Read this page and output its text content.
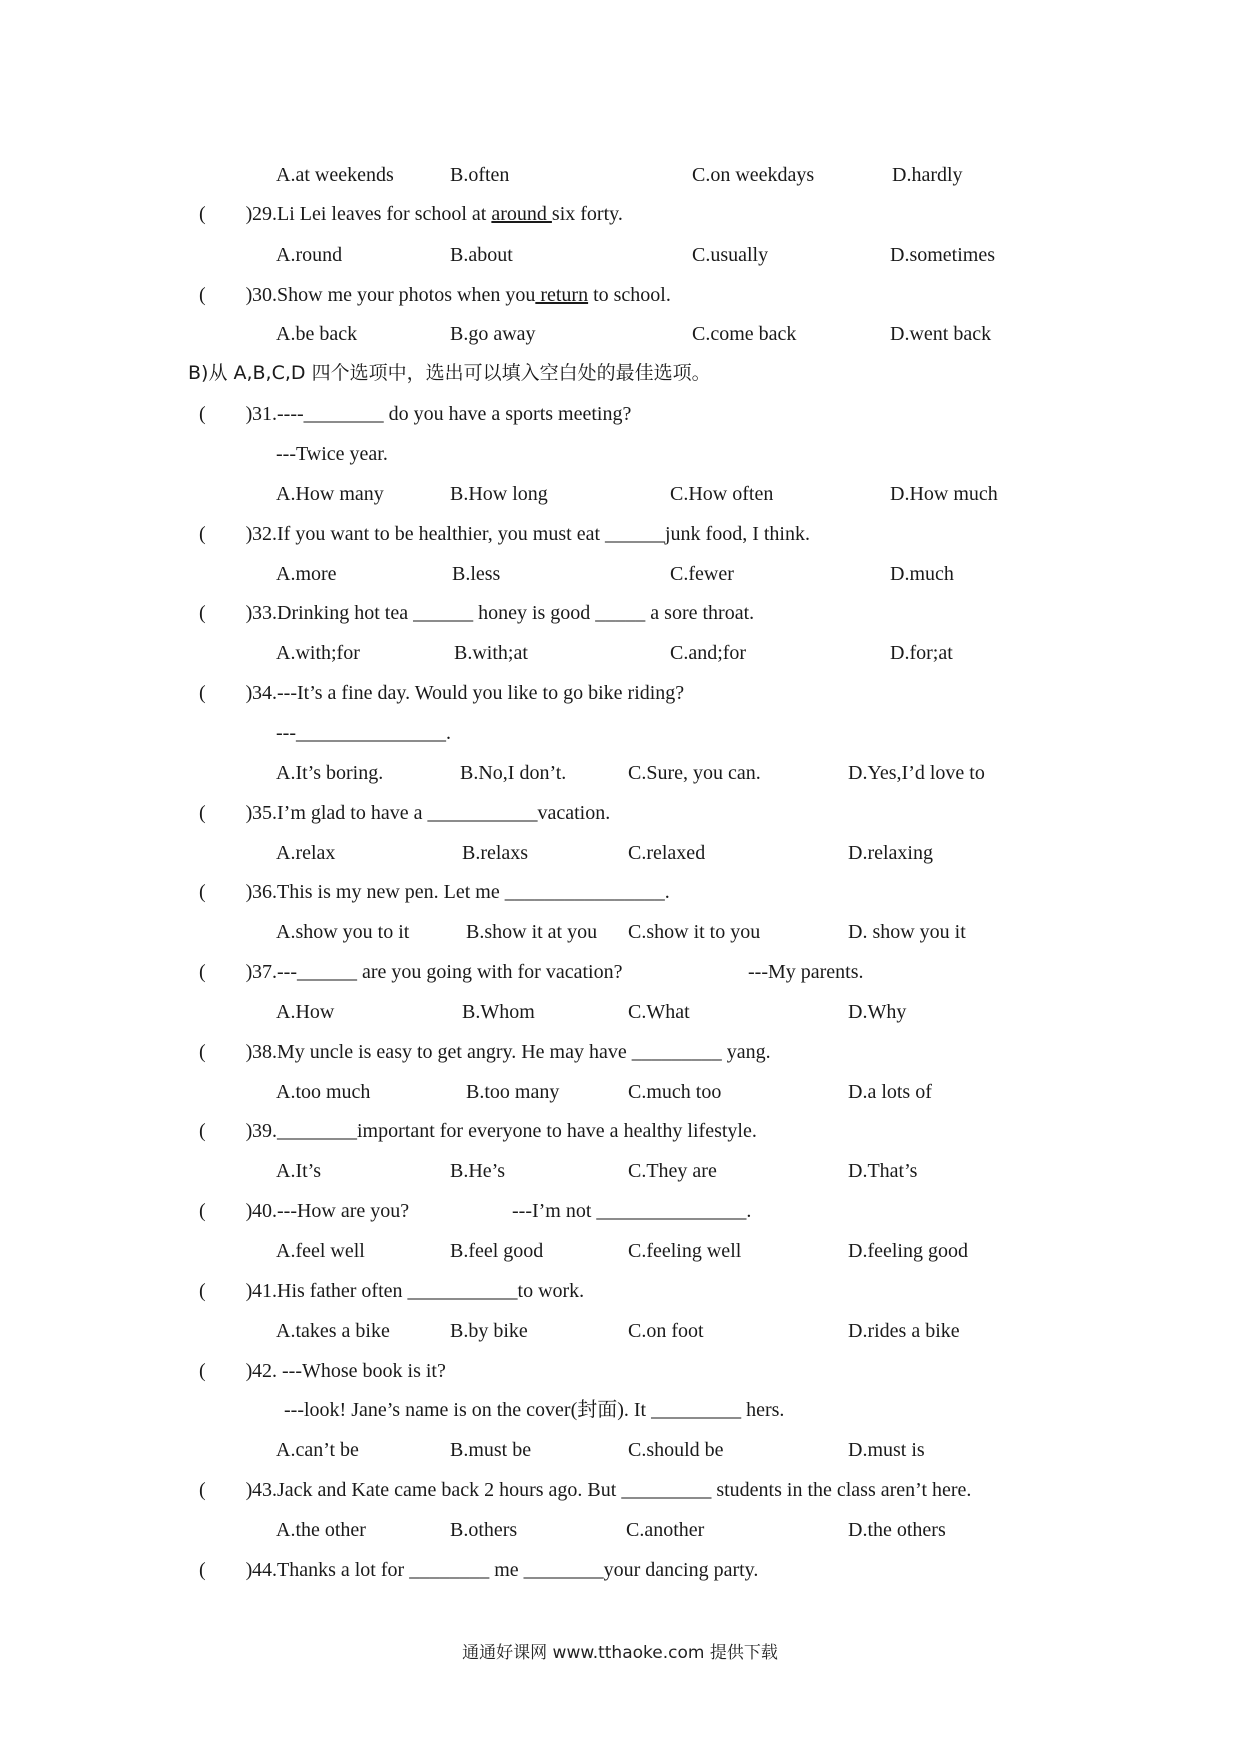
A.at weekends	B.often	C.on weekdays	D.hardly
(        ) 29.Li Lei leaves for school at around six forty.
A.round	B.about	C.usually	D.sometimes
(        ) 30.Show me your photos when you return to school.
A.be back	B.go away	C.come back	D.went back
B)从 A,B,C,D 四个选项中，选出可以填入空白处的最佳选项。
(        ) 31.----________ do you have a sports meeting?
---Twice year.
A.How many	B.How long	C.How often	D.How much
(        ) 32.If you want to be healthier, you must eat ______junk food, I think.
A.more	B.less	C.fewer	D.much
(        ) 33.Drinking hot tea ______ honey is good _____ a sore throat.
A.with;for	B.with;at	C.and;for	D.for;at
(        ) 34.---It’s a fine day. Would you like to go bike riding?
---_______________.
A.It’s boring.	B.No,I don’t.	C.Sure, you can.	D.Yes,I’d love to
(        ) 35.I’m glad to have a ___________vacation.
A.relax	B.relaxs	C.relaxed	D.relaxing
(        ) 36.This is my new pen. Let me ________________.
A.show you to it	B.show it at you C.show it to you	D. show you it
(        ) 37.---______ are you going with for vacation?	---My parents.
A.How	B.Whom	C.What	D.Why
(        ) 38.My uncle is easy to get angry. He may have _________ yang.
A.too much	B.too many	C.much too	D.a lots of
(        ) 39.________important for everyone to have a healthy lifestyle.
A.It’s	B.He’s	C.They are	D.That’s
(        ) 40.---How are you?	---I’m not _______________.
A.feel well	B.feel good	C.feeling well	D.feeling good
(        ) 41.His father often ___________to work.
A.takes a bike	B.by bike	C.on foot	D.rides a bike
(        ) 42. ---Whose book is it?
---look! Jane’s name is on the cover(封面). It _________ hers.
A.can’t be	B.must be	C.should be	D.must is
(        ) 43.Jack and Kate came back 2 hours ago. But _________ students in the class aren’t here.
A.the other	B.others	C.another	D.the others
(        ) 44.Thanks a lot for ________ me ________your dancing party.
通通好课网 www.tthaoke.com 提供下载
